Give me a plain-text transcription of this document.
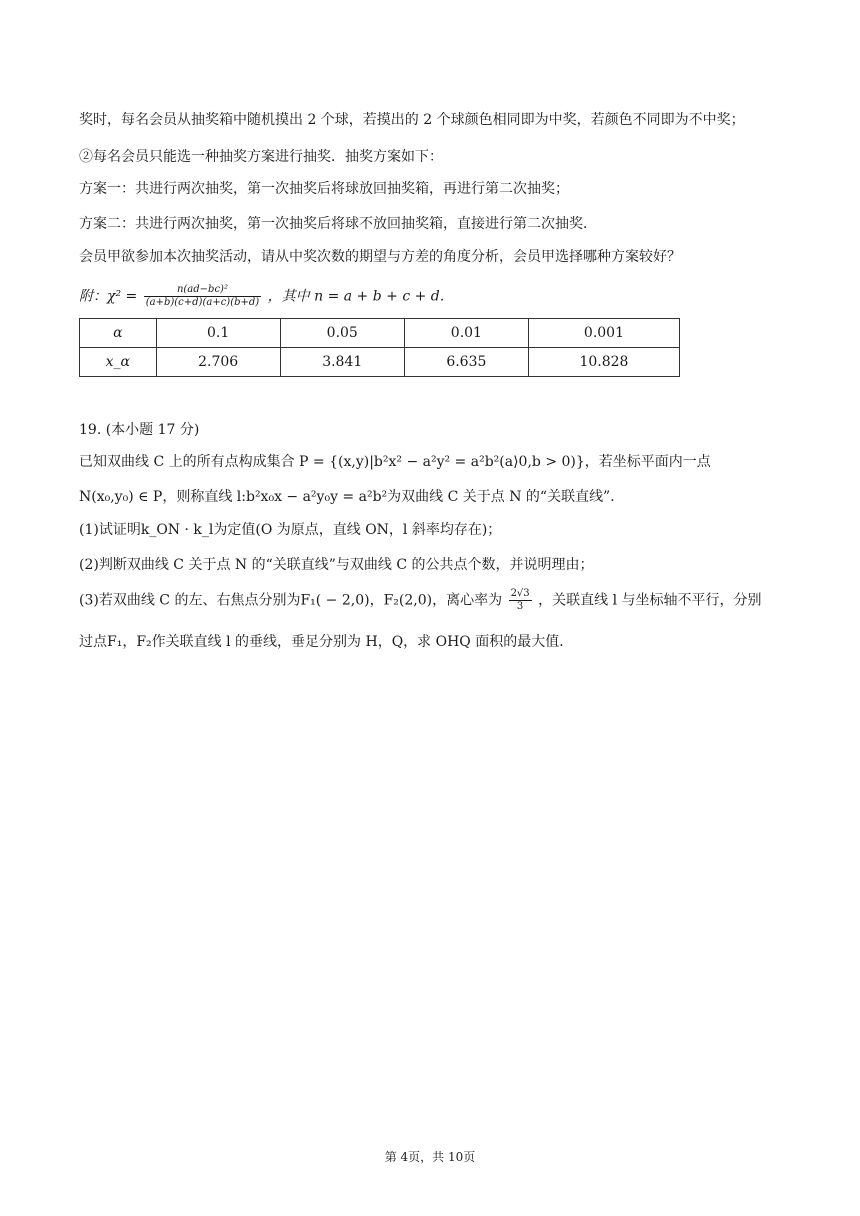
奖时，每名会员从抽奖箱中随机摸出 2 个球，若摸出的 2 个球颜色相同即为中奖，若颜色不同即为不中奖；
②每名会员只能选一种抽奖方案进行抽奖．抽奖方案如下：
方案一：共进行两次抽奖，第一次抽奖后将球放回抽奖箱，再进行第二次抽奖；
方案二：共进行两次抽奖，第一次抽奖后将球不放回抽奖箱，直接进行第二次抽奖．
会员甲欲参加本次抽奖活动，请从中奖次数的期望与方差的角度分析，会员甲选择哪种方案较好？
附：$\chi^2 = \frac{\text{n(ad−bc)²}}{(a+b)(c+d)(a+c)(b+d)}$ ，其中 n = a + b + c + d．
α	0.1	0.05	0.01	0.001
x_α	2.706	3.841	6.635	10.828
19. (本小题 17 分)
已知双曲线 C 上的所有点构成集合 P = {(x,y)|b²x² − a²y² = a²b²(a⟩0,b > 0)}，若坐标平面内一点
N(x₀,y₀) ∈ P，则称直线 l:b²x₀x − a²y₀y = a²b²为双曲线 C 关于点 N 的“关联直线”．
(1)试证明k_ON · k_l为定值(O 为原点，直线 ON，l 斜率均存在)；
(2)判断双曲线 C 关于点 N 的“关联直线”与双曲线 C 的公共点个数，并说明理由；
(3)若双曲线 C 的左、右焦点分别为F₁( − 2,0)，F₂(2,0)，离心率为 $\frac{2√3}{3}$ ，关联直线 l 与坐标轴不平行，分别
过点F₁，F₂作关联直线 l 的垂线，垂足分别为 H，Q，求 OHQ 面积的最大值．
第 4页，共 10页
